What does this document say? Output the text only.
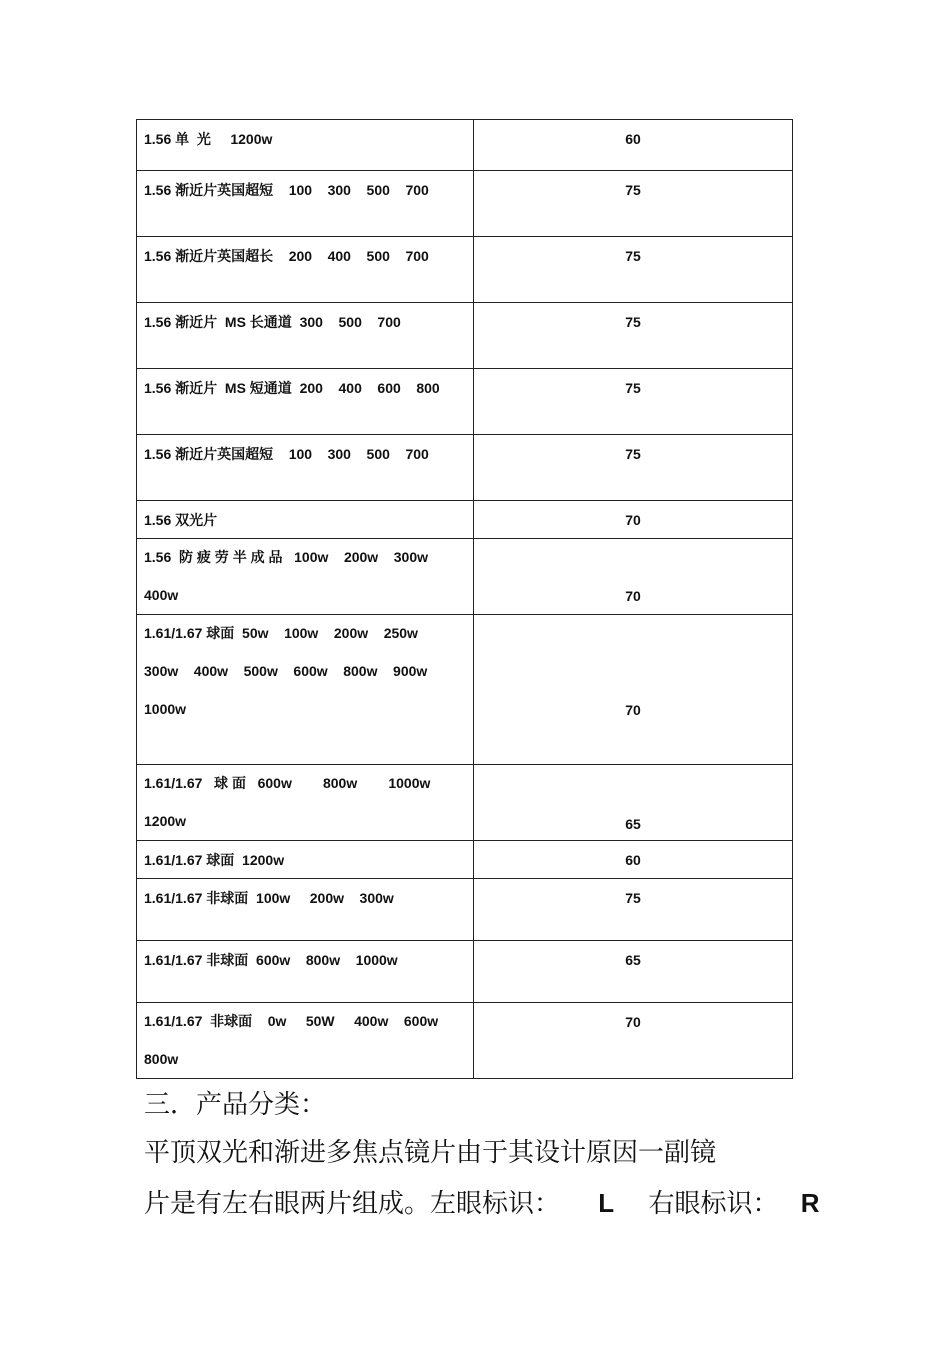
1.56 单  光     1200w	60

1.56 渐近片英国超短    100    300    500    700	75

1.56 渐近片英国超长    200    400    500    700	75

1.56 渐近片  MS 长通道  300    500    700	75

1.56 渐近片  MS 短通道  200    400    600    800	75

1.56 渐近片英国超短    100    300    500    700	75

1.56 双光片	70

1.56  防 疲 劳 半 成 品   100w    200w    300w
400w	70

1.61/1.67 球面  50w    100w    200w    250w
300w    400w    500w    600w    800w    900w
1000w	70

1.61/1.67   球 面   600w        800w        1000w
1200w	65

1.61/1.67 球面  1200w	60

1.61/1.67 非球面  100w     200w    300w	75

1.61/1.67 非球面  600w    800w    1000w	65

1.61/1.67  非球面    0w     50W     400w    600w
800w	70
三．产品分类：
平顶双光和渐进多焦点镜片由于其设计原因一副镜
片是有左右眼两片组成。左眼标识： L 右眼标识： R
